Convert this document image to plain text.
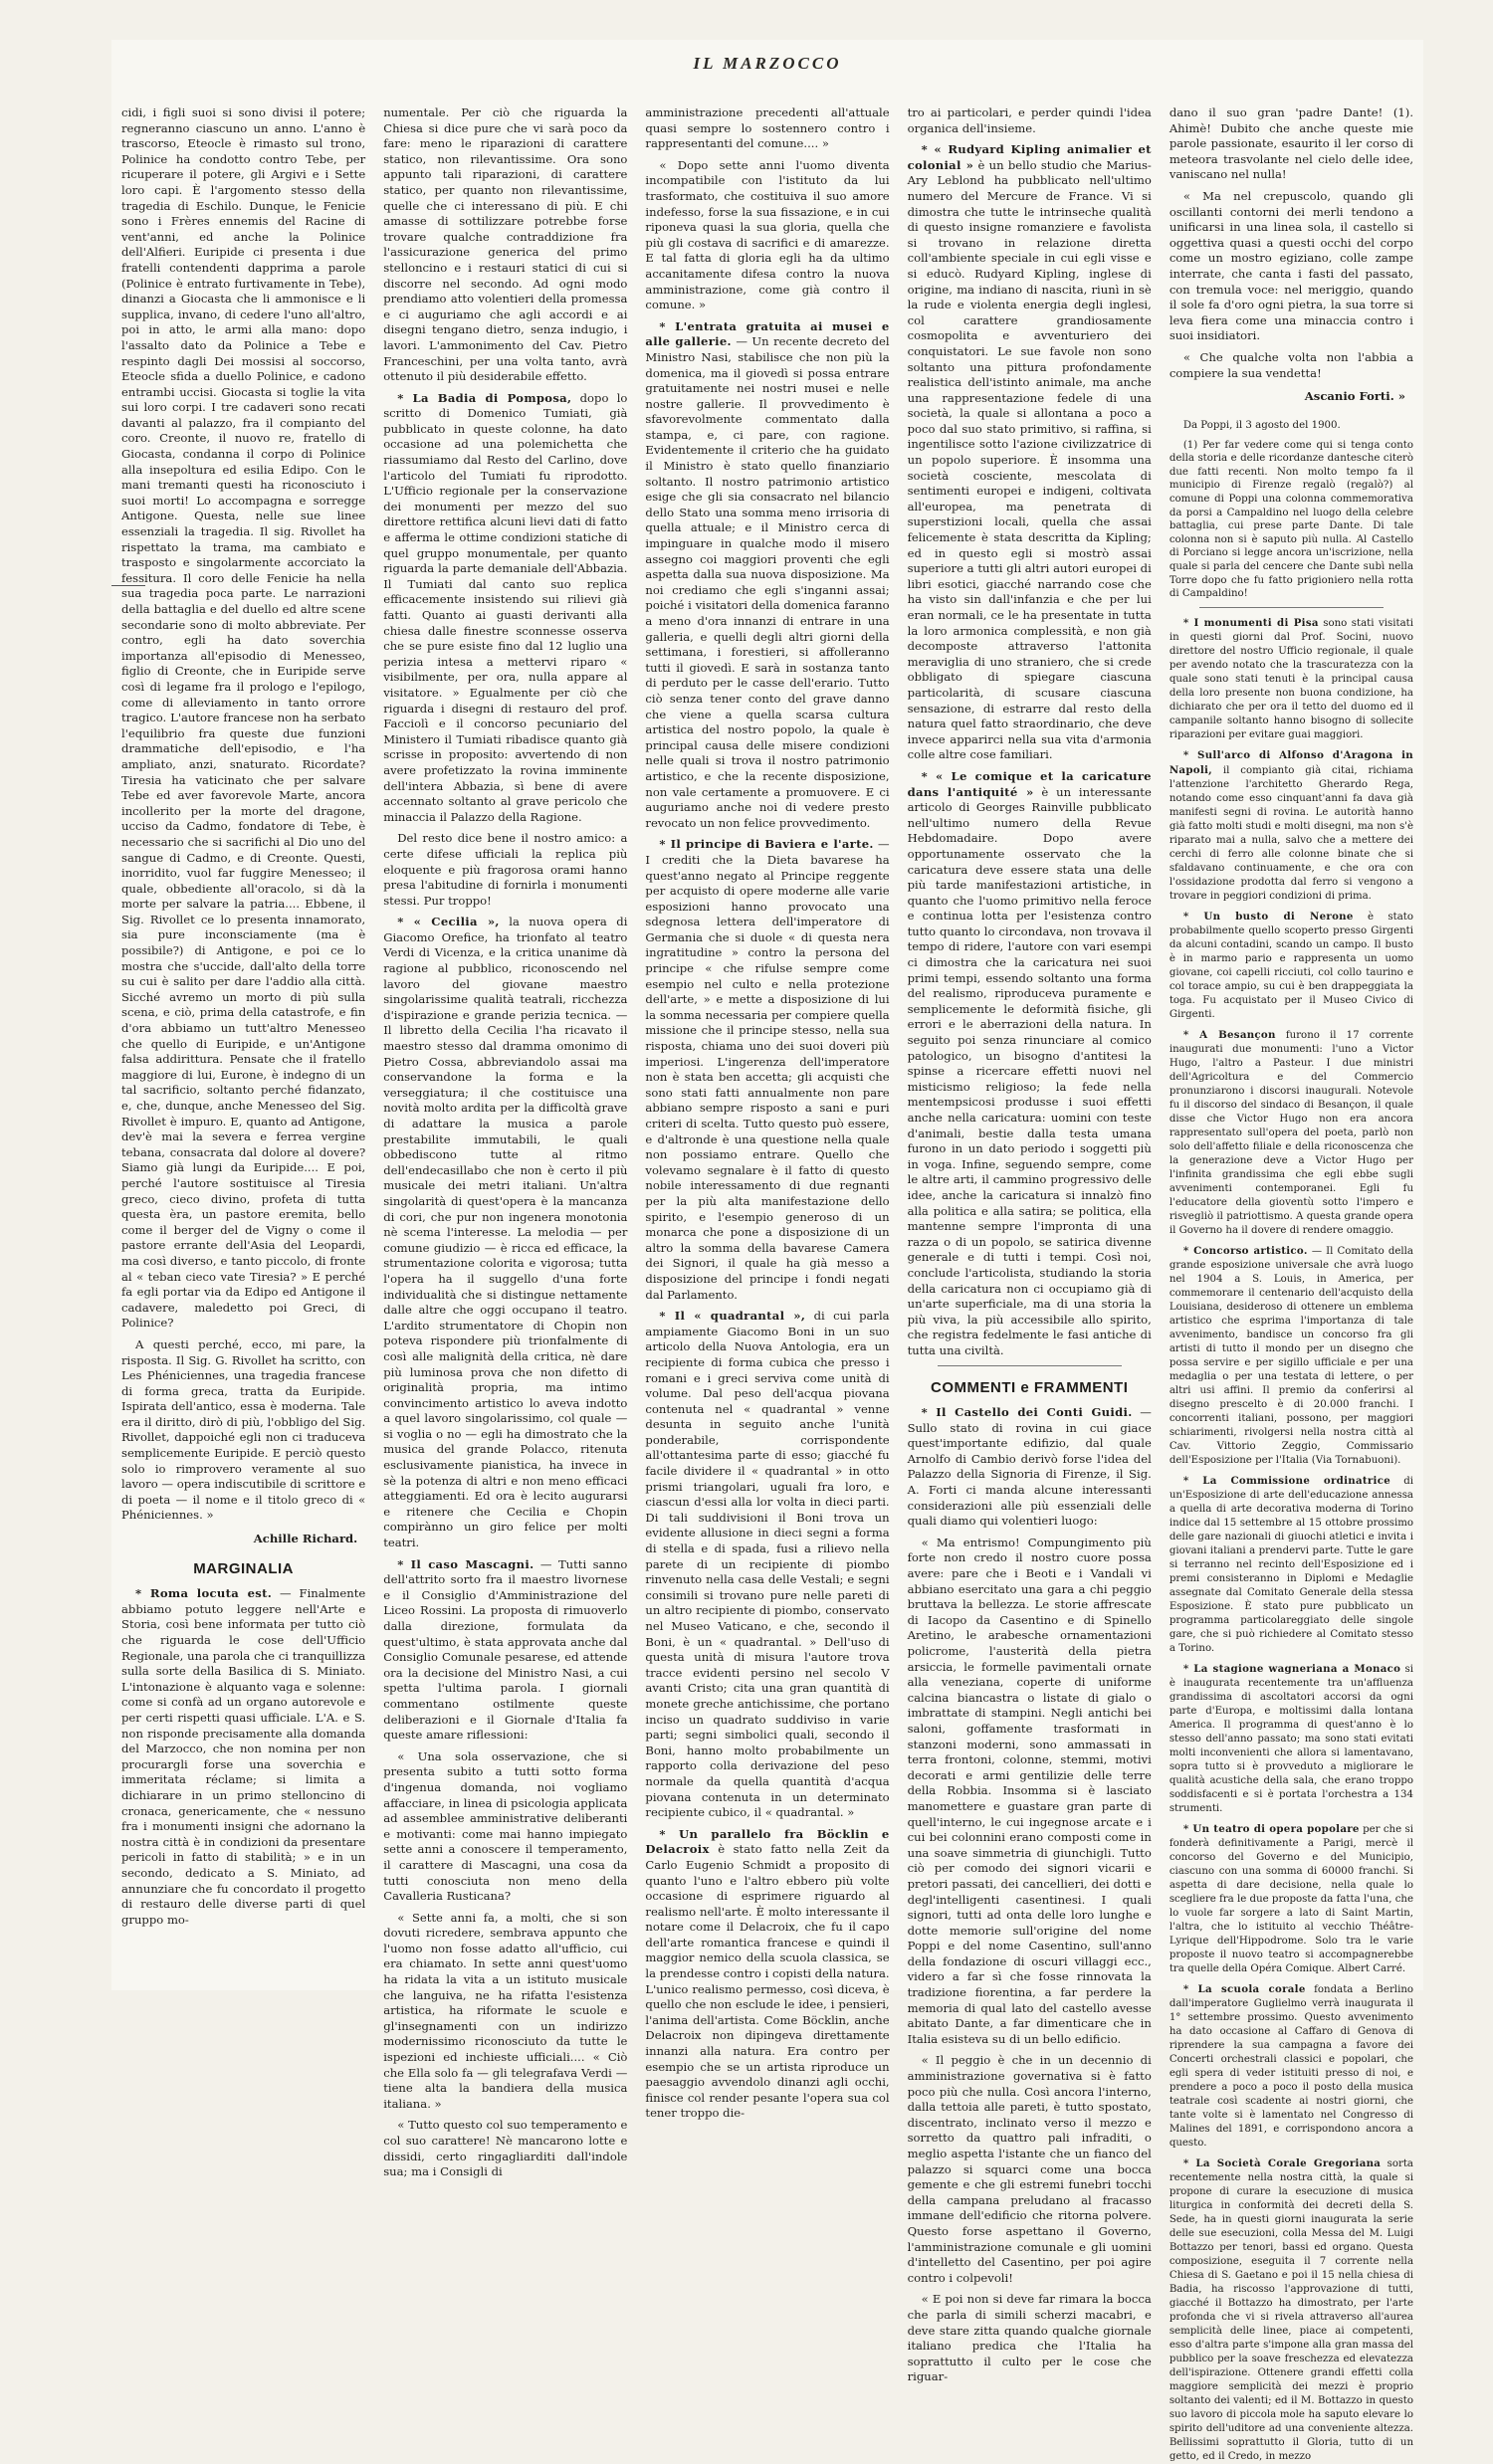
IL MARZOCCO

cidi, i figli suoi si sono divisi il potere; regneranno ciascuno un anno. L'anno è trascorso, Eteocle è rimasto sul trono, Polinice ha condotto contro Tebe, per ricuperare il potere, gli Argivi e i Sette loro capi. È l'argomento stesso della tragedia di Eschilo. Dunque, le Fenicie sono i Frères ennemis del Racine di vent'anni, ed anche la Polinice dell'Alfieri. Euripide ci presenta i due fratelli contendenti dapprima a parole (Polinice è entrato furtivamente in Tebe), dinanzi a Giocasta che li ammonisce e li supplica, invano, di cedere l'uno all'altro, poi in atto, le armi alla mano: dopo l'assalto dato da Polinice a Tebe e respinto dagli Dei mossisi al soccorso, Eteocle sfida a duello Polinice, e cadono entrambi uccisi. Giocasta si toglie la vita sui loro corpi. I tre cadaveri sono recati davanti al palazzo, fra il compianto del coro. Creonte, il nuovo re, fratello di Giocasta, condanna il corpo di Polinice alla insepoltura ed esilia Edipo. Con le mani tremanti questi ha riconosciuto i suoi morti! Lo accompagna e sorregge Antigone. Questa, nelle sue linee essenziali la tragedia. Il sig. Rivollet ha rispettato la trama, ma cambiato e trasposto e singolarmente accorciato la fessitura. Il coro delle Fenicie ha nella sua tragedia poca parte. Le narrazioni della battaglia e del duello ed altre scene secondarie sono di molto abbreviate. Per contro, egli ha dato soverchia importanza all'episodio di Menesseo, figlio di Creonte, che in Euripide serve così di legame fra il prologo e l'epilogo, come di alleviamento in tanto orrore tragico. L'autore francese non ha serbato l'equilibrio fra queste due funzioni drammatiche dell'episodio, e l'ha ampliato, anzi, snaturato. Ricordate? Tiresia ha vaticinato che per salvare Tebe ed aver favorevole Marte, ancora incollerito per la morte del dragone, ucciso da Cadmo, fondatore di Tebe, è necessario che si sacrifichi al Dio uno del sangue di Cadmo, e di Creonte. Questi, inorridito, vuol far fuggire Menesseo; il quale, obbediente all'oracolo, si dà la morte per salvare la patria.... Ebbene, il Sig. Rivollet ce lo presenta innamorato, sia pure inconsciamente (ma è possibile?) di Antigone, e poi ce lo mostra che s'uccide, dall'alto della torre su cui è salito per dare l'addio alla città. Sicché avremo un morto di più sulla scena, e ciò, prima della catastrofe, e fin d'ora abbiamo un tutt'altro Menesseo che quello di Euripide, e un'Antigone falsa addirittura. Pensate che il fratello maggiore di lui, Eurone, è indegno di un tal sacrificio, soltanto perché fidanzato, e, che, dunque, anche Menesseo del Sig. Rivollet è impuro. E, quanto ad Antigone, dev'è mai la severa e ferrea vergine tebana, consacrata dal dolore al dovere? Siamo già lungi da Euripide.... E poi, perché l'autore sostituisce al Tiresia greco, cieco divino, profeta di tutta questa èra, un pastore eremita, bello come il berger del de Vigny o come il pastore errante dell'Asia del Leopardi, ma così diverso, e tanto piccolo, di fronte al « teban cieco vate Tiresia? » E perché fa egli portar via da Edipo ed Antigone il cadavere, maledetto poi Greci, di Polinice?

A questi perché, ecco, mi pare, la risposta. Il Sig. G. Rivollet ha scritto, con Les Phéniciennes, una tragedia francese di forma greca, tratta da Euripide. Ispirata dell'antico, essa è moderna. Tale era il diritto, dirò di più, l'obbligo del Sig. Rivollet, dappoiché egli non ci traduceva semplicemente Euripide. E perciò questo solo io rimprovero veramente al suo lavoro — opera indiscutibile di scrittore e di poeta — il nome e il titolo greco di « Phéniciennes. »

Achille Richard.

MARGINALIA

* Roma locuta est. — Finalmente abbiamo potuto leggere nell'Arte e Storia, così bene informata per tutto ciò che riguarda le cose dell'Ufficio Regionale, una parola che ci tranquillizza sulla sorte della Basilica di S. Miniato. L'intonazione è alquanto vaga e solenne: come si confà ad un organo autorevole e per certi rispetti quasi ufficiale. L'A. e S. non risponde precisamente alla domanda del Marzocco, che non nomina per non procurargli forse una soverchia e immeritata réclame; si limita a dichiarare in un primo stelloncino di cronaca, genericamente, che « nessuno fra i monumenti insigni che adornano la nostra città è in condizioni da presentare pericoli in fatto di stabilità; » e in un secondo, dedicato a S. Miniato, ad annunziare che fu concordato il progetto di restauro delle diverse parti di quel gruppo mo-

numentale. Per ciò che riguarda la Chiesa si dice pure che vi sarà poco da fare: meno le riparazioni di carattere statico, non rilevantissime. Ora sono appunto tali riparazioni, di carattere statico, per quanto non rilevantissime, quelle che ci interessano di più. E chi amasse di sottilizzare potrebbe forse trovare qualche contraddizione fra l'assicurazione generica del primo stelloncino e i restauri statici di cui si discorre nel secondo. Ad ogni modo prendiamo atto volentieri della promessa e ci auguriamo che agli accordi e ai disegni tengano dietro, senza indugio, i lavori. L'ammonimento del Cav. Pietro Franceschini, per una volta tanto, avrà ottenuto il più desiderabile effetto.

* La Badia di Pomposa, dopo lo scritto di Domenico Tumiati, già pubblicato in queste colonne, ha dato occasione ad una polemichetta che riassumiamo dal Resto del Carlino, dove l'articolo del Tumiati fu riprodotto. L'Ufficio regionale per la conservazione dei monumenti per mezzo del suo direttore rettifica alcuni lievi dati di fatto e afferma le ottime condizioni statiche di quel gruppo monumentale, per quanto riguarda la parte demaniale dell'Abbazia. Il Tumiati dal canto suo replica efficacemente insistendo sui rilievi già fatti. Quanto ai guasti derivanti alla chiesa dalle finestre sconnesse osserva che se pure esiste fino dal 12 luglio una perizia intesa a mettervi riparo « visibilmente, per ora, nulla appare al visitatore. » Egualmente per ciò che riguarda i disegni di restauro del prof. Facciolì e il concorso pecuniario del Ministero il Tumiati ribadisce quanto già scrisse in proposito: avvertendo di non avere profetizzato la rovina imminente dell'intera Abbazia, sì bene di avere accennato soltanto al grave pericolo che minaccia il Palazzo della Ragione.

Del resto dice bene il nostro amico: a certe difese ufficiali la replica più eloquente e più fragorosa orami hanno presa l'abitudine di fornirla i monumenti stessi. Pur troppo!

* « Cecilia », la nuova opera di Giacomo Orefice, ha trionfato al teatro Verdi di Vicenza, e la critica unanime dà ragione al pubblico, riconoscendo nel lavoro del giovane maestro singolarissime qualità teatrali, ricchezza d'ispirazione e grande perizia tecnica. — Il libretto della Cecilia l'ha ricavato il maestro stesso dal dramma omonimo di Pietro Cossa, abbreviandolo assai ma conservandone la forma e la verseggiatura; il che costituisce una novità molto ardita per la difficoltà grave di adattare la musica a parole prestabilite immutabili, le quali obbediscono tutte al ritmo dell'endecasillabo che non è certo il più musicale dei metri italiani. Un'altra singolarità di quest'opera è la mancanza di cori, che pur non ingenera monotonia nè scema l'interesse. La melodia — per comune giudizio — è ricca ed efficace, la strumentazione colorita e vigorosa; tutta l'opera ha il suggello d'una forte individualità che si distingue nettamente dalle altre che oggi occupano il teatro. L'ardito strumentatore di Chopin non potevа rispondere più trionfalmente di così alle malignità della critica, nè dare più luminosa prova che non difetto di originalità propria, ma intimo convincimento artistico lo aveva indotto a quel lavoro singolarissimo, col quale — si voglia o no — egli ha dimostrato che la musica del grande Polacco, ritenuta esclusivamente pianistica, ha invece in sè la potenza di altri e non meno efficaci atteggiamenti. Ed ora è lecito augurarsi e ritenere che Cecilia e Chopin compirànno un giro felice per molti teatri.

* Il caso Mascagni. — Tutti sanno dell'attrito sorto fra il maestro livornese e il Consiglio d'Amministrazione del Liceo Rossini. La proposta di rimuoverlo dalla direzione, formulata da quest'ultimo, è stata approvata anche dal Consiglio Comunale pesarese, ed attende ora la decisione del Ministro Nasi, a cui spetta l'ultima parola. I giornali commentano ostilmente queste deliberazioni e il Giornale d'Italia fa queste amare riflessioni:

« Una sola osservazione, che si presenta subito a tutti sotto forma d'ingenua domanda, noi vogliamo affacciare, in linea di psicologia applicata ad assemblee amministrative deliberanti e motivanti: come mai hanno impiegato sette anni a conoscere il temperamento, il carattere di Mascagni, una cosa da tutti conosciuta non meno della Cavalleria Rusticana?

« Sette anni fa, a molti, che si son dovuti ricredere, sembrava appunto che l'uomo non fosse adatto all'ufficio, cui era chiamato. In sette anni quest'uomo ha ridata la vita a un istituto musicale che languiva, ne ha rifatta l'esistenza artistica, ha riformate le scuole e gl'insegnamenti con un indirizzo modernissimo riconosciuto da tutte le ispezioni ed inchieste ufficiali.... « Ciò che Ella solo fa — gli telegrafava Verdi — tiene alta la bandiera della musica italiana. »

« Tutto questo col suo temperamento e col suo carattere! Nè mancarono lotte e dissidi, certo ringagliarditi dall'indole sua; ma i Consigli di

amministrazione precedenti all'attuale quasi sempre lo sostennero contro i rappresentanti del comune.... »

« Dopo sette anni l'uomo diventa incompatibile con l'istituto da lui trasformato, che costituiva il suo amore indefesso, forse la sua fissazione, e in cui riponeva quasi la sua gloria, quella che più gli costava di sacrifici e di amarezze. E tal fatta di gloria egli ha da ultimo accanitamente difesa contro la nuova amministrazione, come già contro il comune. »

* L'entrata gratuita ai musei e alle gallerie. — Un recente decreto del Ministro Nasi, stabilisce che non più la domenica, ma il giovedì si possa entrare gratuitamente nei nostri musei e nelle nostre gallerie. Il provvedimento è sfavorevolmente commentato dalla stampa, e, ci pare, con ragione. Evidentemente il criterio che ha guidato il Ministro è stato quello finanziario soltanto. Il nostro patrimonio artistico esige che gli sia consacrato nel bilancio dello Stato una somma meno irrisoria di quella attuale; e il Ministro cerca di impinguare in qualche modo il misero assegno coi maggiori proventi che egli aspetta dalla sua nuova disposizione. Ma noi crediamo che egli s'inganni assai; poiché i visitatori della domenica faranno a meno d'ora innanzi di entrare in una galleria, e quelli degli altri giorni della settimana, i forestieri, si affolleranno tutti il giovedì. E sarà in sostanza tanto di perduto per le casse dell'erario. Tutto ciò senza tener conto del grave danno che viene a quella scarsa cultura artistica del nostro popolo, la quale è principal causa delle misere condizioni nelle quali si trova il nostro patrimonio artistico, e che la recente disposizione, non vale certamente a promuovere. E ci auguriamo anche noi di vedere presto revocato un non felice provvedimento.

* Il principe di Baviera e l'arte. — I crediti che la Dieta bavarese ha quest'anno negato al Principe reggente per acquisto di opere moderne alle varie esposizioni hanno provocato una sdegnosa lettera dell'imperatore di Germania che si duole « di questa nera ingratitudine » contro la persona del principe « che rifulse sempre come esempio nel culto e nella protezione dell'arte, » e mette a disposizione di lui la somma necessaria per compiere quella missione che il principe stesso, nella sua risposta, chiama uno dei suoi doveri più imperiosi. L'ingerenza dell'imperatore non è stata ben accetta; gli acquisti che sono stati fatti annualmente non pare abbiano sempre risposto a sani e puri criteri di scelta. Tutto questo può essere, e d'altronde è una questione nella quale non possiamo entrare. Quello che volevamo segnalare è il fatto di questo nobile interessamento di due regnanti per la più alta manifestazione dello spirito, e l'esempio generoso di un monarca che pone a disposizione di un altro la somma della bavarese Camera dei Signori, il quale ha già messo a disposizione del principe i fondi negati dal Parlamento.

* Il « quadrantal », di cui parla ampiamente Giacomo Boni in un suo articolo della Nuova Antologia, era un recipiente di forma cubica che presso i romani e i greci serviva come unità di volume. Dal peso dell'acqua piovana contenuta nel « quadrantal » venne desunta in seguito anche l'unità ponderabile, corrispondente all'ottantesima parte di esso; giacché fu facile dividere il « quadrantal » in otto prismi triangolari, uguali fra loro, e ciascun d'essi alla lor volta in dieci parti. Di tali suddivisioni il Boni trova un evidente allusione in dieci segni a forma di stella e di spada, fusi a rilievo nella parete di un recipiente di piombo rinvenuto nella casa delle Vestali; e segni consimili si trovano pure nelle pareti di un altro recipiente di piombo, conservato nel Museo Vaticano, e che, secondo il Boni, è un « quadrantal. » Dell'uso di questa unità di misura l'autore trova tracce evidenti persino nel secolo V avanti Cristo; cita una gran quantità di monete greche antichissime, che portano inciso un quadrato suddiviso in varie parti; segni simbolici quali, secondo il Boni, hanno molto probabilmente un rapporto colla derivazione del peso normale da quella quantità d'acqua piovana contenuta in un determinato recipiente cubico, il « quadrantal. »

* Un parallelo fra Böcklin e Delacroix è stato fatto nella Zeit da Carlo Eugenio Schmidt a proposito di quanto l'uno e l'altro ebbero più volte occasione di esprimere riguardo al realismo nell'arte. È molto interessante il notare come il Delacroix, che fu il capo dell'arte romantica francese e quindi il maggior nemico della scuola classica, se la prendesse contro i copisti della natura. L'unico realismo permesso, così diceva, è quello che non esclude le idee, i pensieri, l'anima dell'artista. Come Böcklin, anche Delacroix non dipingeva direttamente innanzi alla natura. Era contro per esempio che se un artista riproduce un paesaggio avvendolo dinanzi agli occhi, finisce col render pesante l'opera sua col tener troppo die-

tro ai particolari, e perder quindi l'idea organica dell'insieme.

* « Rudyard Kipling animalier et colonial » è un bello studio che Marius-Ary Leblond ha pubblicato nell'ultimo numero del Mercure de France. Vi si dimostra che tutte le intrinseche qualità di questo insigne romanziere e favolista si trovano in relazione diretta coll'ambiente speciale in cui egli visse e si educò. Rudyard Kipling, inglese di origine, ma indiano di nascita, riunì in sè la rude e violenta energia degli inglesi, col carattere grandiosamente cosmopolita e avventuriero dei conquistatori. Le sue favole non sono soltanto una pittura profondamente realistica dell'istinto animale, ma anche una rappresentazione fedele di una società, la quale si allontana a poco a poco dal suo stato primitivo, si raffina, si ingentilisce sotto l'azione civilizzatrice di un popolo superiore. È insomma una società cosciente, mescolata di sentimenti europei e indigeni, coltivata all'europea, ma penetrata di superstizioni locali, quella che assai felicemente è stata descritta da Kipling; ed in questo egli si mostrò assai superiore a tutti gli altri autori europei di libri esotici, giacché narrando cose che ha visto sin dall'infanzia e che per lui eran normali, ce le ha presentate in tutta la loro armonica complessità, e non già decomposte attraverso l'attonita meraviglia di uno straniero, che si crede obbligato di spiegare ciascuna particolarità, di scusare ciascuna sensazione, di estrarre dal resto della natura quel fatto straordinario, che deve invece apparirci nella sua vita d'armonia colle altre cose familiari.

* « Le comique et la caricature dans l'antiquité » è un interessante articolo di Georges Rainville pubblicato nell'ultimo numero della Revue Hebdomadaire. Dopo avere opportunamente osservato che la caricatura deve essere stata una delle più tarde manifestazioni artistiche, in quanto che l'uomo primitivo nella feroce e continua lotta per l'esistenza contro tutto quanto lo circondava, non trovava il tempo di ridere, l'autore con vari esempi ci dimostra che la caricatura nei suoi primi tempi, essendo soltanto una forma del realismo, riproduceva puramente e semplicemente le deformità fisiche, gli errori e le aberrazioni della natura. In seguito poi senza rinunciare al comico patologico, un bisogno d'antitesi la spinse a ricercare effetti nuovi nel misticismo religioso; la fede nella mentempsicosi produsse i suoi effetti anche nella caricatura: uomini con teste d'animali, bestie dalla testa umana furono in un dato periodo i soggetti più in voga. Infine, seguendo sempre, come le altre arti, il cammino progressivo delle idee, anche la caricatura si innalzò fino alla politica e alla satira; se politica, ella mantenne sempre l'impronta di una razza o di un popolo, se satirica divenne generale e di tutti i tempi. Così noi, conclude l'articolista, studiando la storia della caricatura non ci occupiamo già di un'arte superficiale, ma di una storia la più viva, la più accessibile allo spirito, che registra fedelmente le fasi antiche di tutta una civiltà.

COMMENTI e FRAMMENTI

* Il Castello dei Conti Guidi. — Sullo stato di rovina in cui giace quest'importante edifizio, dal quale Arnolfo di Cambio derivò forse l'idea del Palazzo della Signoria di Firenze, il Sig. A. Forti ci manda alcune interessanti considerazioni alle più essenziali delle quali diamo qui volentieri luogo:

« Ma entrismo! Compungimento più forte non credo il nostro cuore possa avere: pare che i Beoti e i Vandali vi abbiano esercitato una gara a chi peggio bruttava la bellezza. Le storie affrescate di Iacopo da Casentino e di Spinello Aretino, le arabesche ornamentazioni policrome, l'austerità della pietra arsiccia, le formelle pavimentali ornate alla veneziana, coperte di uniforme calcina biancastra o listate di gialo o imbrattate di stampini. Negli antichi bei saloni, goffamente trasformati in stanzoni moderni, sono ammassati in terra frontoni, colonne, stemmi, motivi decorati e armi gentilizie delle terre della Robbia. Insomma si è lasciato manomettere e guastare gran parte di quell'interno, le cui ingegnose arcate e i cui bei colonnini erano composti come in una soave simmetria di giunchigli. Tutto ciò per comodo dei signori vicarii e pretori passati, dei cancellieri, dei dotti e degl'intelligenti casentinesi. I quali signori, tutti ad onta delle loro lunghe e dotte memorie sull'origine del nome Poppi e del nome Casentino, sull'anno della fondazione di oscuri villaggi ecc., videro a far sì che fosse rinnovata la tradizione fiorentina, a far perdere la memoria di qual lato del castello avesse abitato Dante, a far dimenticare che in Italia esisteva su di un bello edificio.

« Il peggio è che in un decennio di amministrazione governativa si è fatto poco più che nulla. Così ancora l'interno, dalla tettoia alle pareti, è tutto spostato, discentrato, inclinato verso il mezzo e sorretto da quattro pali infraditi, o meglio aspetta l'istante che un fianco del palazzo si squarci come una bocca gemente e che gli estremi funebri tocchi della campana preludano al fracasso immane dell'edificio che ritorna polvere. Questo forse aspettano il Governo, l'amministrazione comunale e gli uomini d'intelletto del Casentino, per poi agire contro i colpevoli!

« E poi non si deve far rimara la bocca che parla di simili scherzi macabri, e deve stare zitta quando qualche giornale italiano predica che l'Italia ha soprattutto il culto per le cose che riguar-

dano il suo gran 'padre Dante! (1). Ahimè! Dubito che anche queste mie parole passionate, esaurito il ler corso di meteora trasvolante nel cielo delle idee, vaniscano nel nulla!

« Ma nel crepuscolo, quando gli oscillanti contorni dei merli tendono a unificarsi in una linea sola, il castello si oggettiva quasi a questi occhi del corpo come un mostro egiziano, colle zampe interrate, che canta i fasti del passato, con tremula voce: nel meriggio, quando il sole fa d'oro ogni pietra, la sua torre si leva fiera come una minaccia contro i suoi insidiatori.

« Che qualche volta non l'abbia a compiere la sua vendetta!

Ascanio Forti. »

Da Poppi, il 3 agosto del 1900.

(1) Per far vedere come qui si tenga conto della storia e delle ricordanze dantesche citerò due fatti recenti. Non molto tempo fa il municipio di Firenze regalò (regalò?) al comune di Poppi una colonna commemorativa da porsi a Campaldino nel luogo della celebre battaglia, cui prese parte Dante. Di tale colonna non si è saputo più nulla. Al Castello di Porciano si legge ancora un'iscrizione, nella quale si parla del cencere che Dante subì nella Torre dopo che fu fatto prigioniero nella rotta di Campaldino!

* I monumenti di Pisa sono stati visitati in questi giorni dal Prof. Socini, nuovo direttore del nostro Ufficio regionale, il quale per avendo notato che la trascuratezza con la quale sono stati tenuti è la principal causa della loro presente non buona condizione, ha dichiarato che per ora il tetto del duomo ed il campanile soltanto hanno bisogno di sollecite riparazioni per evitare guai maggiori.

* Sull'arco di Alfonso d'Aragona in Napoli, il compianto già citai, richiama l'attenzione l'architetto Gherardo Rega, notando come esso cinquant'anni fa dava già manifesti segni di rovina. Le autorità hanno già fatto molti studi e molti disegni, ma non s'è riparato mai a nulla, salvo che a mettere dei cerchi di ferro alle colonne binate che si sfaldavano continuamente, e che ora con l'ossidazione prodotta dal ferro si vengono a trovare in peggiori condizioni di prima.

* Un busto di Nerone è stato probabilmente quello scoperto presso Girgenti da alcuni contadini, scando un campo. Il busto è in marmo pario e rappresenta un uomo giovane, coi capelli ricciuti, col collo taurino e col torace ampio, su cui è ben drappeggiata la toga. Fu acquistato per il Museo Civico di Girgenti.

* A Besançon furono il 17 corrente inaugurati due monumenti: l'uno a Victor Hugo, l'altro a Pasteur. I due ministri dell'Agricoltura e del Commercio pronunziarono i discorsi inaugurali. Notevole fu il discorso del sindaco di Besançon, il quale disse che Victor Hugo non era ancora rappresentato sull'opera del poeta, parlò non solo dell'affetto filiale e della riconoscenza che la generazione deve a Victor Hugo per l'infinita grandissima che egli ebbe sugli avvenimenti contemporanei. Egli fu l'educatore della gioventù sotto l'impero e risvegliò il patriottismo. A questa grande opera il Governo ha il dovere di rendere omaggio.

* Concorso artistico. — Il Comitato della grande esposizione universale che avrà luogo nel 1904 a S. Louis, in America, per commemorare il centenario dell'acquisto della Louisiana, desideroso di ottenere un emblema artistico che esprima l'importanza di tale avvenimento, bandisce un concorso fra gli artisti di tutto il mondo per un disegno che possa servire e per sigillo ufficiale e per una medaglia o per una testata di lettere, o per altri usi affini. Il premio da conferirsi al disegno prescelto è di 20.000 franchi. I concorrenti italiani, possono, per maggiori schiarimenti, rivolgersi nella nostra città al Cav. Vittorio Zeggio, Commissario dell'Esposizione per l'Italia (Via Tornabuoni).

* La Commissione ordinatrice di un'Esposizione di arte dell'educazione annessa a quella di arte decorativa moderna di Torino indice dal 15 settembre al 15 ottobre prossimo delle gare nazionali di giuochi atletici e invita i giovani italiani a prendervi parte. Tutte le gare si terranno nel recinto dell'Esposizione ed i premi consisteranno in Diplomi e Medaglie assegnate dal Comitato Generale della stessa Esposizione. È stato pure pubblicato un programma particolareggiato delle singole gare, che si può richiedere al Comitato stesso a Torino.

* La stagione wagneriana a Monaco si è inaugurata recentemente tra un'affluenza grandissima di ascoltatori accorsi da ogni parte d'Europa, e moltissimi dalla lontana America. Il programma di quest'anno è lo stesso dell'anno passato; ma sono stati evitati molti inconvenienti che allora si lamentavano, sopra tutto si è provveduto a migliorare le qualità acustiche della sala, che erano troppo soddisfacenti e si è portata l'orchestra a 134 strumenti.

* Un teatro di opera popolare per che si fonderà definitivamente a Parigi, mercè il concorso del Governo e del Municipio, ciascuno con una somma di 60000 franchi. Si aspetta di dare decisione, nella quale lo scegliere fra le due proposte da fatta l'una, che lo vuole far sorgere a lato di Saint Martin, l'altra, che lo istituito al vecchio Théâtre-Lyrique dell'Hippodrome. Solo tra le varie proposte il nuovo teatro si accompagnerebbe tra quelle della Opéra Comique. Albert Carré.

* La scuola corale fondata a Berlino dall'imperatore Guglielmo verrà inaugurata il 1° settembre prossimo. Questo avvenimento ha dato occasione al Caffaro di Genova di riprendere la sua campagna a favore dei Concerti orchestrali classici e popolari, che egli spera di veder istituiti presso di noi, e prendere a poco a poco il posto della musica teatrale così scadente ai nostri giorni, che tante volte si è lamentato nel Congresso di Malines del 1891, e corrispondono ancora a questo.

* La Società Corale Gregoriana sorta recentemente nella nostra città, la quale si propone di curare la esecuzione di musica liturgica in conformità dei decreti della S. Sede, ha in questi giorni inaugurata la serie delle sue esecuzioni, colla Messa del M. Luigi Bottazzo per tenori, bassi ed organo. Questa composizione, eseguita il 7 corrente nella Chiesa di S. Gaetano e poi il 15 nella chiesa di Badia, ha riscosso l'approvazione di tutti, giacché il Bottazzo ha dimostrato, per l'arte profonda che vi si rivela attraverso all'aurea semplicità delle linee, piace ai competenti, esso d'altra parte s'impone alla gran massa del pubblico per la soave freschezza ed elevatezza dell'ispirazione. Ottenere grandi effetti colla maggiore semplicità dei mezzi è proprio soltanto dei valenti; ed il M. Bottazzo in questo suo lavoro di piccola mole ha saputo elevare lo spirito dell'uditore ad una conveniente altezza. Bellissimi soprattutto il Gloria, tutto di un getto, ed il Credo, in mezzo
